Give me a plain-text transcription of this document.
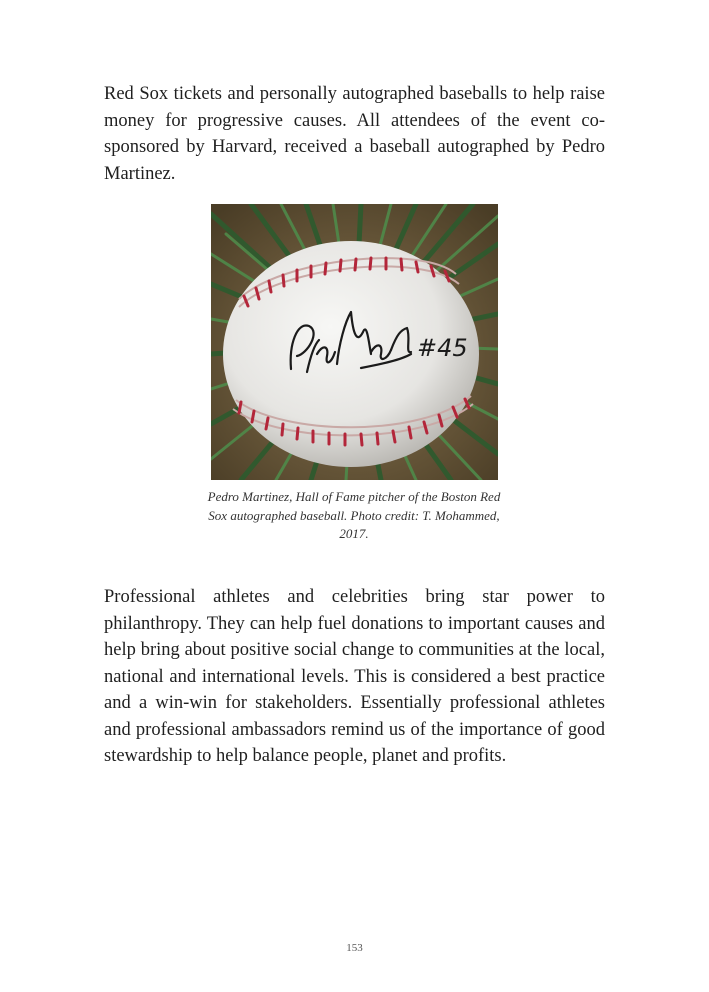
Red Sox tickets and personally autographed baseballs to help raise money for progressive causes. All attendees of the event co-sponsored by Harvard, received a baseball autographed by Pedro Martinez.

#45

Pedro Martinez, Hall of Fame pitcher of the Boston Red Sox autographed baseball. Photo credit: T. Mohammed, 2017.

Professional athletes and celebrities bring star power to philanthropy. They can help fuel donations to important causes and help bring about positive social change to communities at the local, national and international levels. This is considered a best practice and a win-win for stakeholders. Essentially professional athletes and professional ambassadors remind us of the importance of good stewardship to help balance people, planet and profits.

153
